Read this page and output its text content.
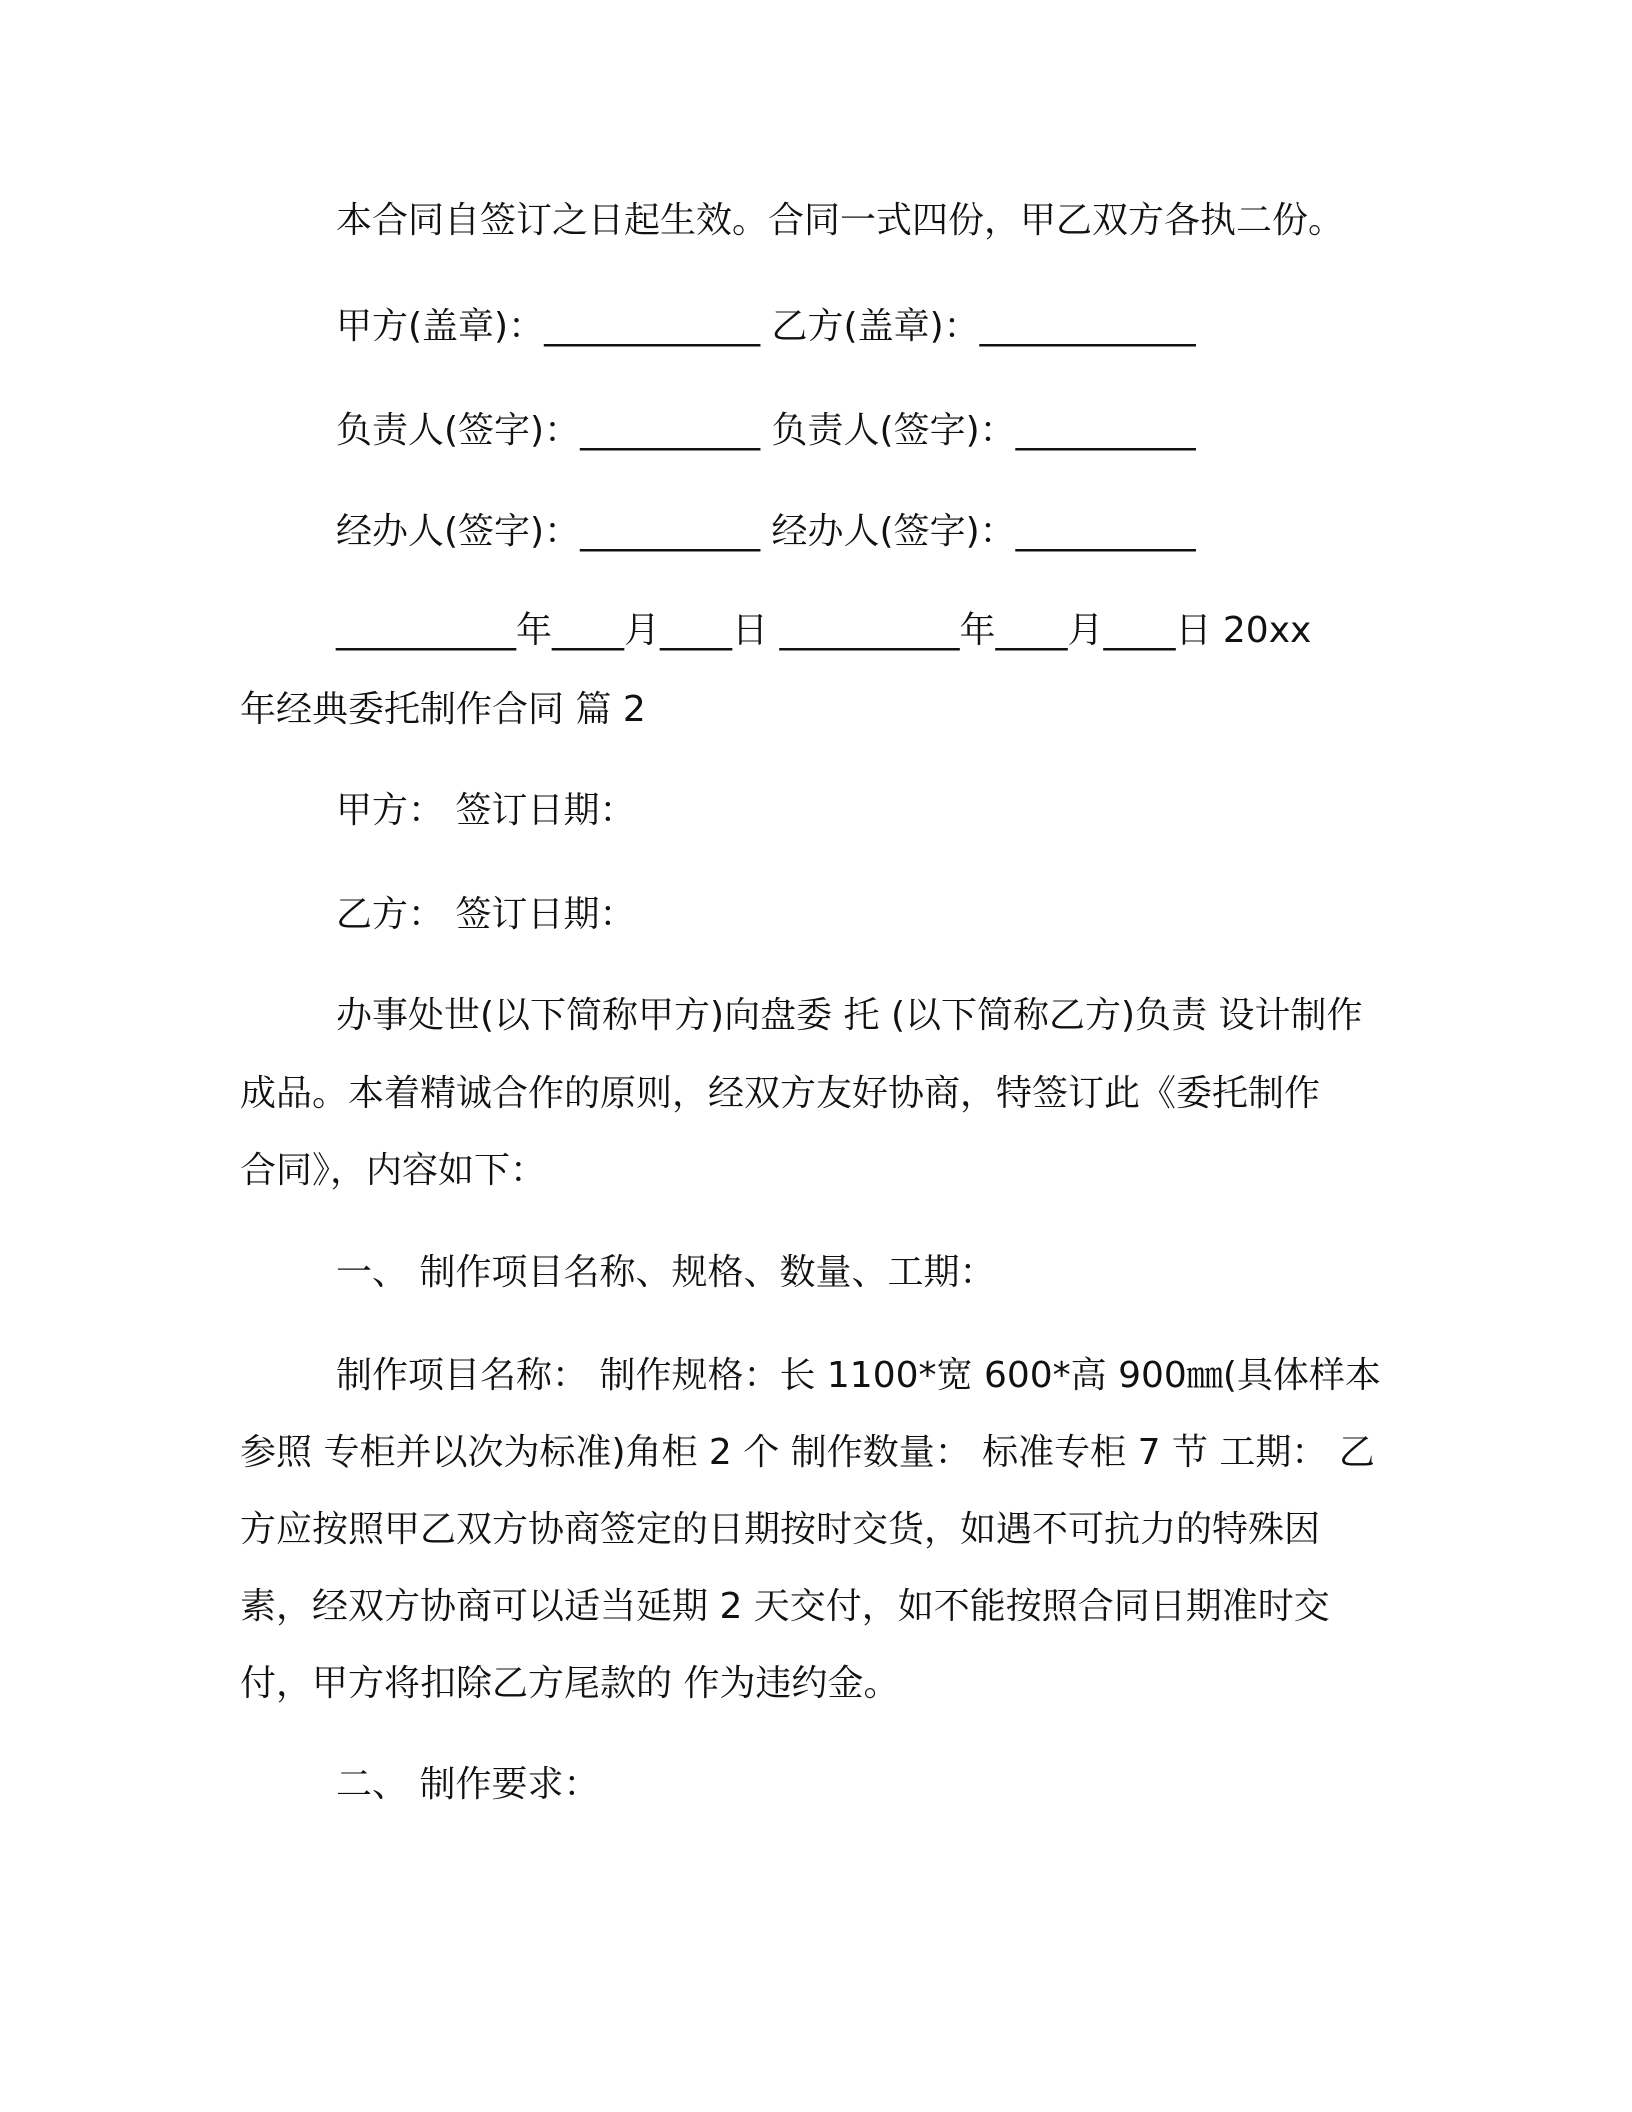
本合同自签订之日起生效。合同一式四份，甲乙双方各执二份。
甲方(盖章)：____________ 乙方(盖章)：____________
负责人(签字)：__________ 负责人(签字)：__________
经办人(签字)：__________ 经办人(签字)：__________
__________年____月____日 __________年____月____日 20xx
年经典委托制作合同 篇 2
甲方： 签订日期：
乙方： 签订日期：
办事处世(以下简称甲方)向盘委 托 (以下简称乙方)负责 设计制作
成品。本着精诚合作的原则，经双方友好协商，特签订此《委托制作
合同》，内容如下：
一、 制作项目名称、规格、数量、工期：
制作项目名称： 制作规格：长 1100*宽 600*高 900㎜(具体样本
参照 专柜并以次为标准)角柜 2 个 制作数量： 标准专柜 7 节 工期： 乙
方应按照甲乙双方协商签定的日期按时交货，如遇不可抗力的特殊因
素，经双方协商可以适当延期 2 天交付，如不能按照合同日期准时交
付，甲方将扣除乙方尾款的 作为违约金。
二、 制作要求：
